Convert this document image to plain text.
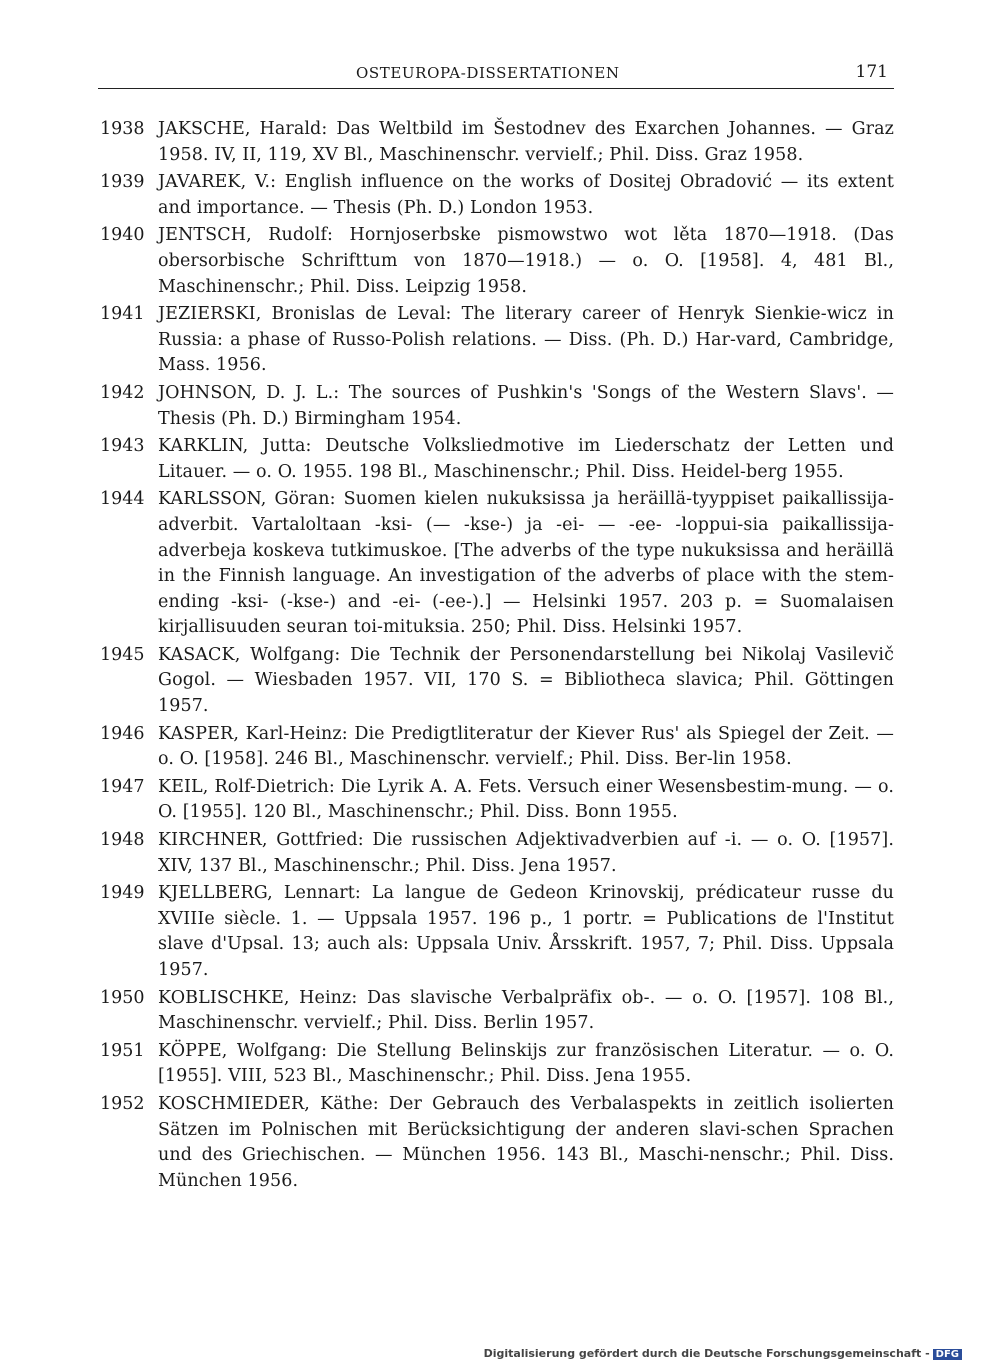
OSTEUROPA-DISSERTATIONEN	171
1938 JAKSCHE, Harald: Das Weltbild im Šestodnev des Exarchen Johannes. — Graz 1958. IV, II, 119, XV Bl., Maschinenschr. vervielf.; Phil. Diss. Graz 1958.
1939 JAVAREK, V.: English influence on the works of Dositej Obradović — its extent and importance. — Thesis (Ph. D.) London 1953.
1940 JENTSCH, Rudolf: Hornjoserbske pismowstwo wot lěta 1870—1918. (Das obersorbische Schrifttum von 1870—1918.) — o. O. [1958]. 4, 481 Bl., Maschinenschr.; Phil. Diss. Leipzig 1958.
1941 JEZIERSKI, Bronislas de Leval: The literary career of Henryk Sienkie-wicz in Russia: a phase of Russo-Polish relations. — Diss. (Ph. D.) Har-vard, Cambridge, Mass. 1956.
1942 JOHNSON, D. J. L.: The sources of Pushkin's 'Songs of the Western Slavs'. — Thesis (Ph. D.) Birmingham 1954.
1943 KARKLIN, Jutta: Deutsche Volksliedmotive im Liederschatz der Letten und Litauer. — o. O. 1955. 198 Bl., Maschinenschr.; Phil. Diss. Heidel-berg 1955.
1944 KARLSSON, Göran: Suomen kielen nukuksissa ja heräillä-tyyppiset paikallissija-adverbit. Vartaloltaan -ksi- (— -kse-) ja -ei- — -ee- -loppui-sia paikallissija-adverbeja koskeva tutkimuskoe. [The adverbs of the type nukuksissa and heräillä in the Finnish language. An investigation of the adverbs of place with the stem-ending -ksi- (-kse-) and -ei- (-ee-).] — Helsinki 1957. 203 p. = Suomalaisen kirjallisuuden seuran toi-mituksia. 250; Phil. Diss. Helsinki 1957.
1945 KASACK, Wolfgang: Die Technik der Personendarstellung bei Nikolaj Vasilevič Gogol. — Wiesbaden 1957. VII, 170 S. = Bibliotheca slavica; Phil. Göttingen 1957.
1946 KASPER, Karl-Heinz: Die Predigtliteratur der Kiever Rus' als Spiegel der Zeit. — o. O. [1958]. 246 Bl., Maschinenschr. vervielf.; Phil. Diss. Ber-lin 1958.
1947 KEIL, Rolf-Dietrich: Die Lyrik A. A. Fets. Versuch einer Wesensbestim-mung. — o. O. [1955]. 120 Bl., Maschinenschr.; Phil. Diss. Bonn 1955.
1948 KIRCHNER, Gottfried: Die russischen Adjektivadverbien auf -i. — o. O. [1957]. XIV, 137 Bl., Maschinenschr.; Phil. Diss. Jena 1957.
1949 KJELLBERG, Lennart: La langue de Gedeon Krinovskij, prédicateur russe du XVIIIe siècle. 1. — Uppsala 1957. 196 p., 1 portr. = Publications de l'Institut slave d'Upsal. 13; auch als: Uppsala Univ. Årsskrift. 1957, 7; Phil. Diss. Uppsala 1957.
1950 KOBLISCHKE, Heinz: Das slavische Verbalpräfix ob-. — o. O. [1957]. 108 Bl., Maschinenschr. vervielf.; Phil. Diss. Berlin 1957.
1951 KÖPPE, Wolfgang: Die Stellung Belinskijs zur französischen Literatur. — o. O. [1955]. VIII, 523 Bl., Maschinenschr.; Phil. Diss. Jena 1955.
1952 KOSCHMIEDER, Käthe: Der Gebrauch des Verbalaspekts in zeitlich isolierten Sätzen im Polnischen mit Berücksichtigung der anderen slavi-schen Sprachen und des Griechischen. — München 1956. 143 Bl., Maschi-nenschr.; Phil. Diss. München 1956.
Digitalisierung gefördert durch die Deutsche Forschungsgemeinschaft - DFG
